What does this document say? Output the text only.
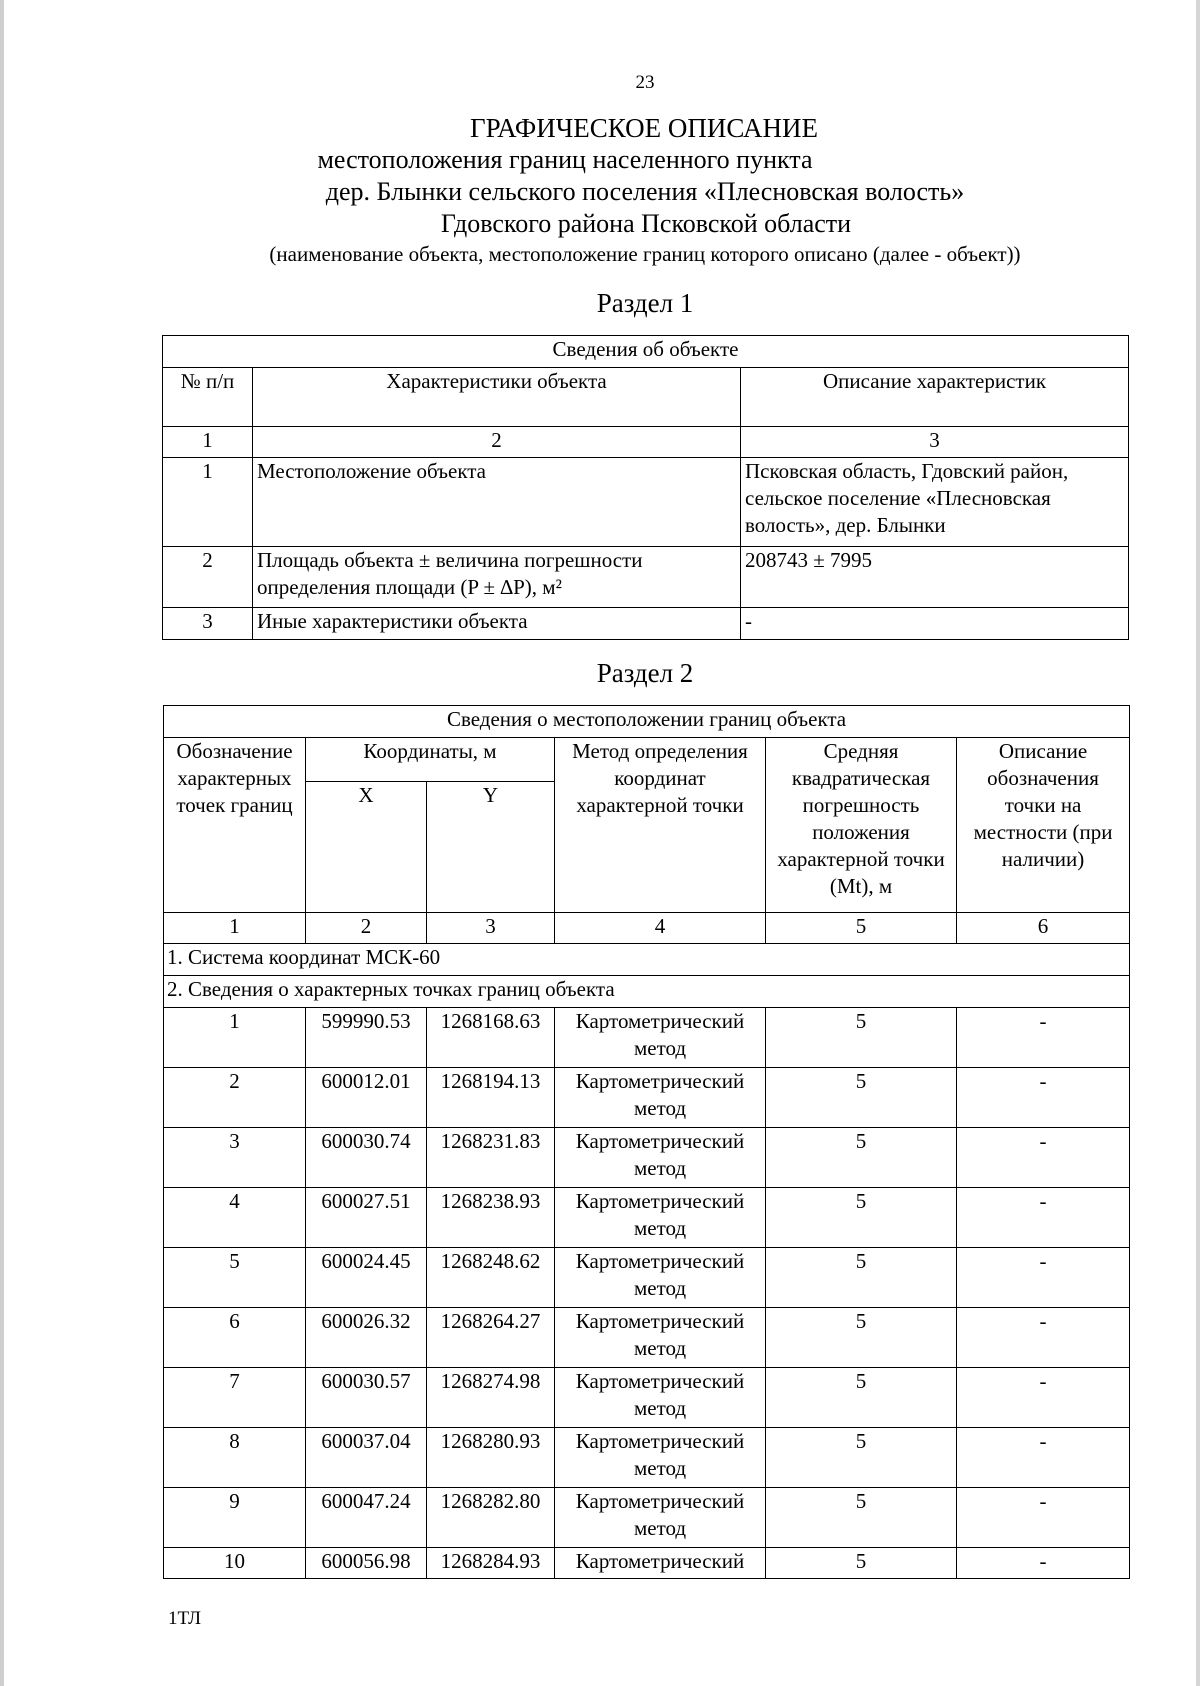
23
ГРАФИЧЕСКОЕ ОПИСАНИЕ
местоположения границ населенного пункта
дер. Блынки сельского поселения «Плесновская волость»
Гдовского района Псковской области
(наименование объекта, местоположение границ которого описано (далее - объект))
Раздел 1
Сведения об объекте		
№ п/п	Характеристики объекта	Описание характеристик
1	2	3
1	Местоположение объекта	Псковская область, Гдовский район, сельское поселение «Плесновская волость», дер. Блынки
2	Площадь объекта ± величина погрешности определения площади (P ± ∆P), м²	208743 ± 7995
3	Иные характеристики объекта	-
Раздел 2
Сведения о местоположении границ объекта					
Обозначение характерных точек границ	Координаты, м		Метод определения координат характерной точки	Средняя квадратическая погрешность положения характерной точки (Mt), м	Описание обозначения точки на местности (при наличии)
	X	Y			
1	2	3	4	5	6
1. Система координат МСК-60					
2. Сведения о характерных точках границ объекта					
1	599990.53	1268168.63	Картометрический метод	5	-
2	600012.01	1268194.13	Картометрический метод	5	-
3	600030.74	1268231.83	Картометрический метод	5	-
4	600027.51	1268238.93	Картометрический метод	5	-
5	600024.45	1268248.62	Картометрический метод	5	-
6	600026.32	1268264.27	Картометрический метод	5	-
7	600030.57	1268274.98	Картометрический метод	5	-
8	600037.04	1268280.93	Картометрический метод	5	-
9	600047.24	1268282.80	Картометрический метод	5	-
10	600056.98	1268284.93	Картометрический	5	-
1ТЛ
